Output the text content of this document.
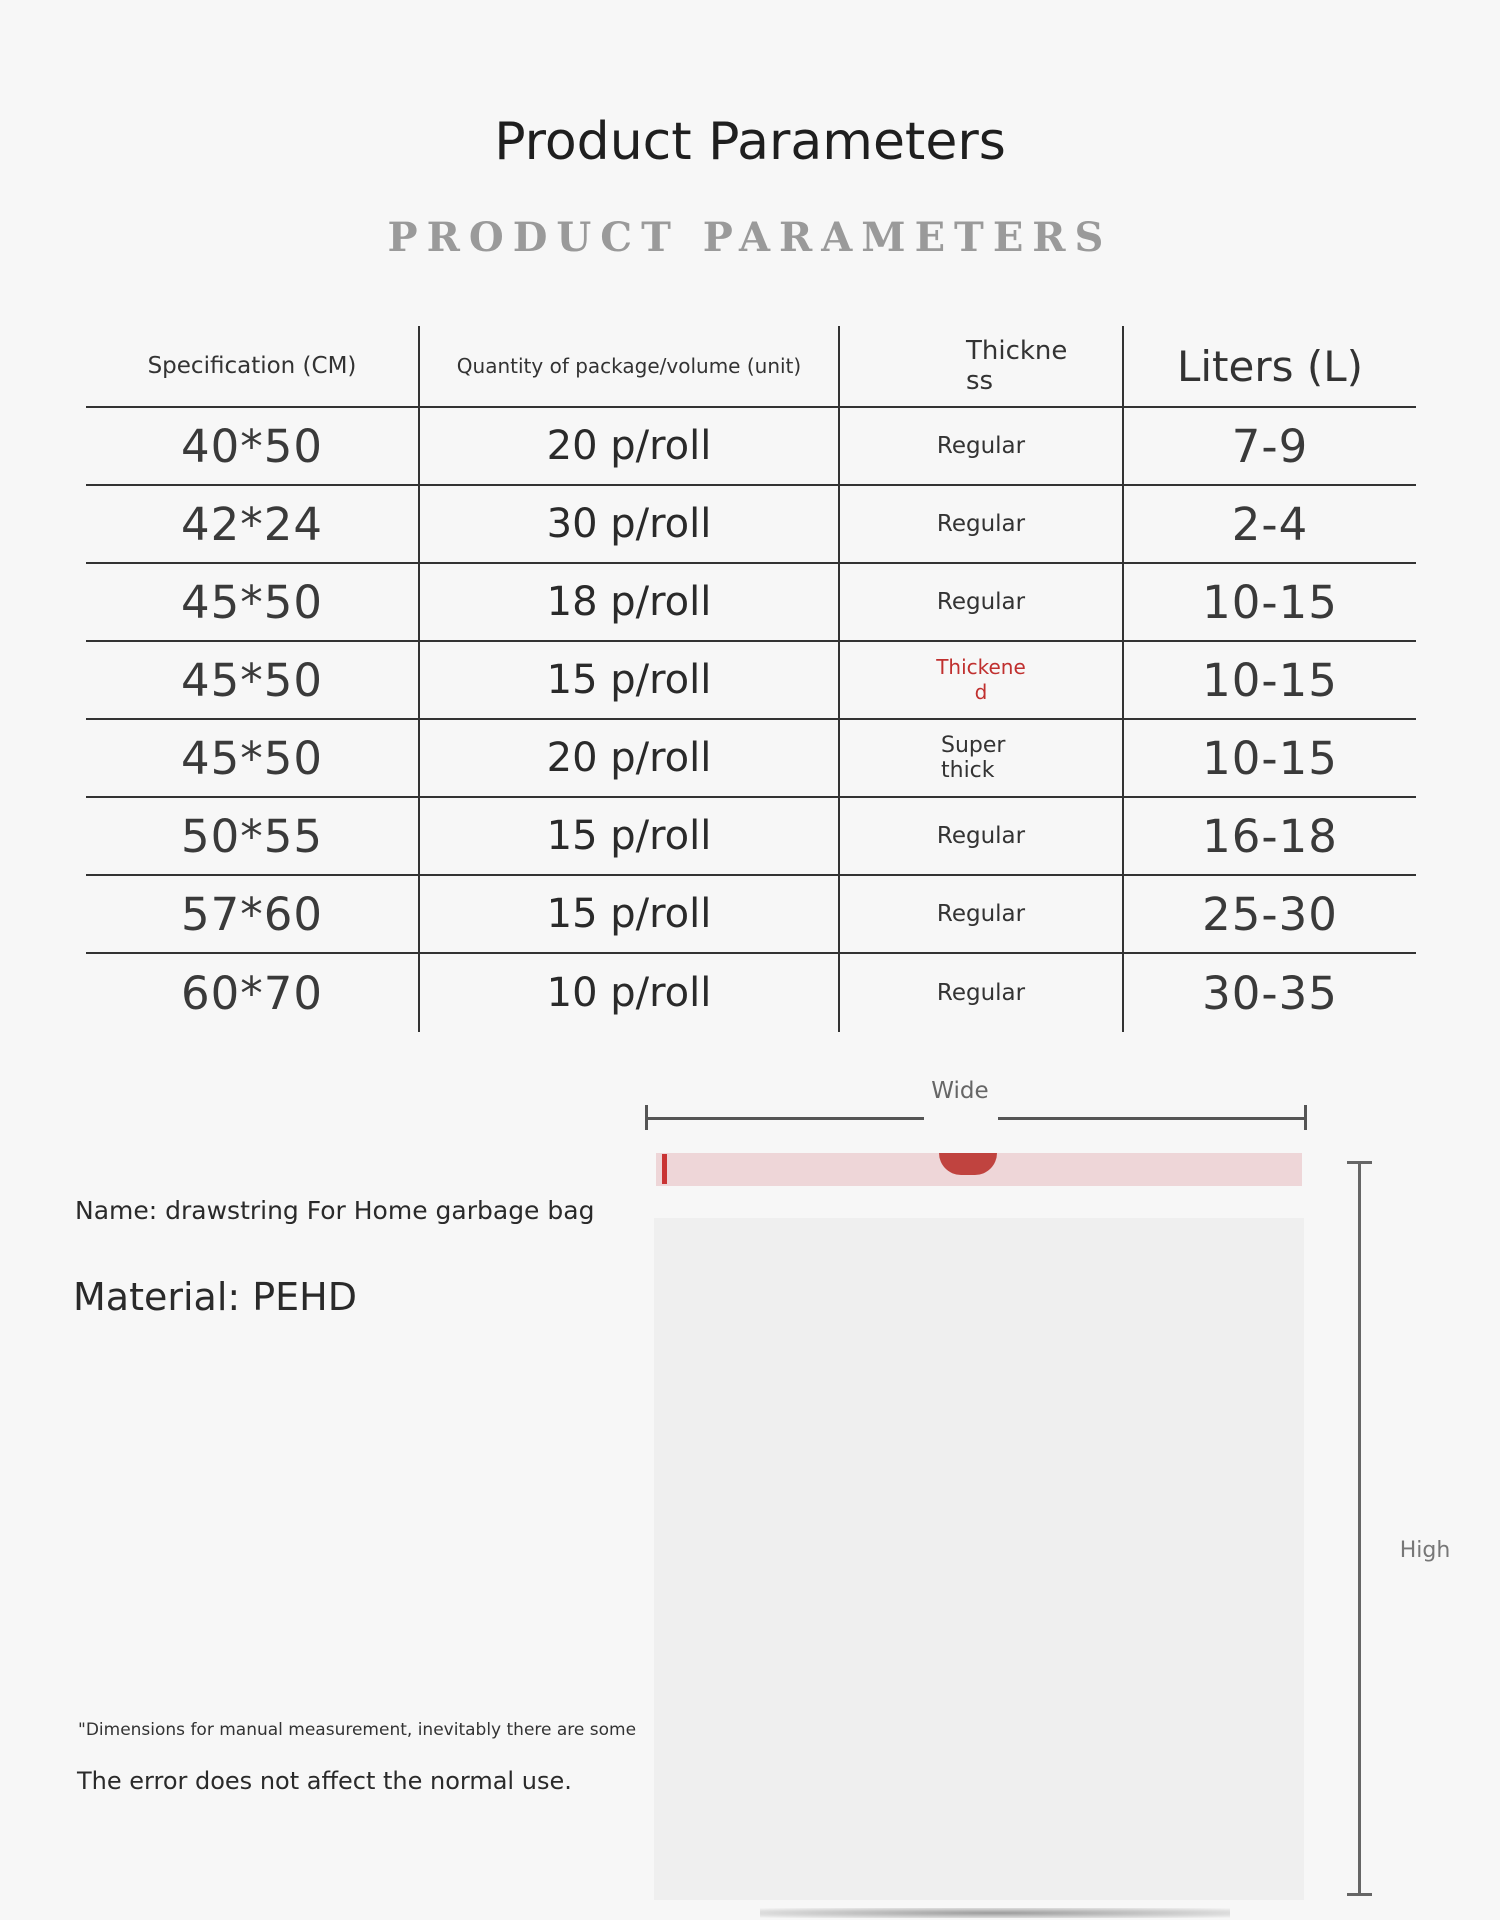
Product Parameters
PRODUCT PARAMETERS
Specification (CM)	Quantity of package/volume (unit)	Thickness	Liters (L)
40*50	20 p/roll	Regular	7-9
42*24	30 p/roll	Regular	2-4
45*50	18 p/roll	Regular	10-15
45*50	15 p/roll	Thickened	10-15
45*50	20 p/roll	Super thick	10-15
50*55	15 p/roll	Regular	16-18
57*60	15 p/roll	Regular	25-30
60*70	10 p/roll	Regular	30-35
Wide
High
Name: drawstring For Home garbage bag
Material: PEHD
"Dimensions for manual measurement, inevitably there are some
The error does not affect the normal use.
